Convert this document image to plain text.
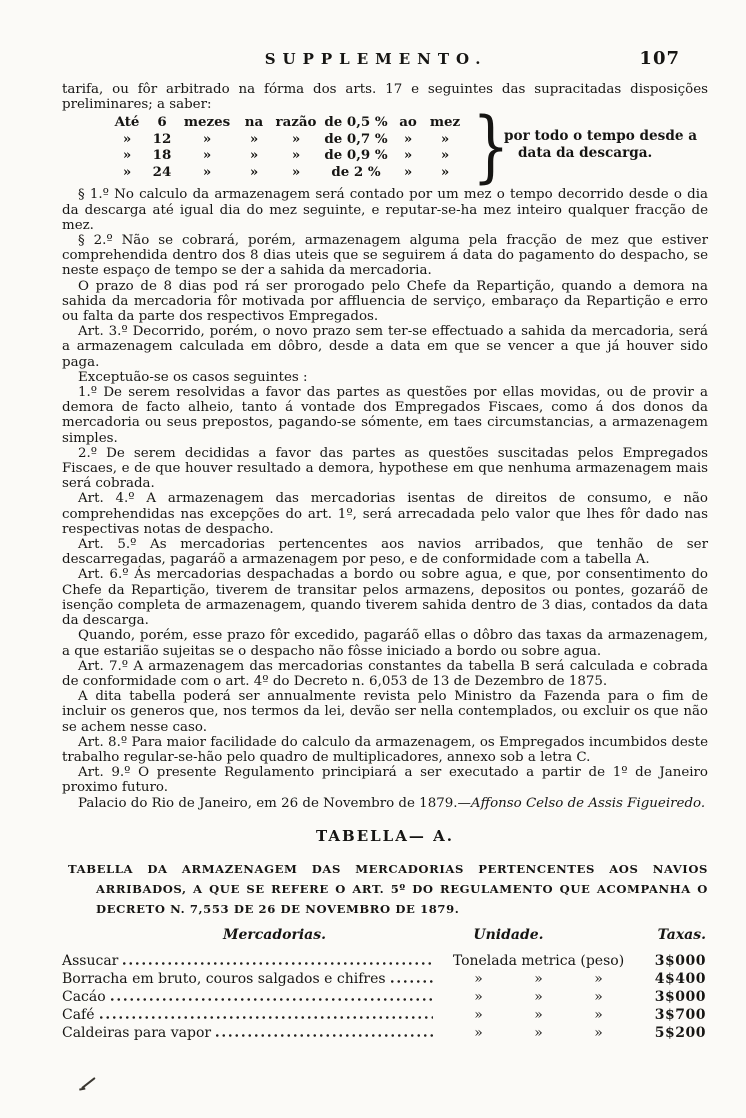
SUPPLEMENTO.	107

tarifa, ou fôr arbitrado na fórma dos arts. 17 e seguintes das supracitadas disposições preliminares; a saber:

Até	6	mezes	na razão de 0,5 % ao mez
»	12	»	»	»	de 0,7 %	»	»
»	18	»	»	»	de 0,9 %	»	»
»	24	»	»	»	de 2 %	»	» }
por todo o tempo desde a
data da descarga.

§ 1.º No calculo da armazenagem será contado por um mez o tempo decorrido desde o dia da descarga até igual dia do mez seguinte, e reputar-se-ha mez inteiro qualquer fracção de mez.

§ 2.º Não se cobrará, porém, armazenagem alguma pela fracção de mez que estiver comprehendida dentro dos 8 dias uteis que se seguirem á data do pagamento do despacho, se neste espaço de tempo se der a sahida da mercadoria.

O prazo de 8 dias pod rá ser prorogado pelo Chefe da Repartição, quando a demora na sahida da mercadoria fôr motivada por affluencia de serviço, embaraço da Repartição e erro ou falta da parte dos respectivos Empregados.

Art. 3.º Decorrido, porém, o novo prazo sem ter-se effectuado a sahida da mercadoria, será a armazenagem calculada em dôbro, desde a data em que se vencer a que já houver sido paga.

Exceptuão-se os casos seguintes :

1.º De serem resolvidas a favor das partes as questões por ellas movidas, ou de provir a demora de facto alheio, tanto á vontade dos Empregados Fiscaes, como á dos donos da mercadoria ou seus prepostos, pagando-se sómente, em taes circumstancias, a armazenagem simples.

2.º De serem decididas a favor das partes as questões suscitadas pelos Empregados Fiscaes, e de que houver resultado a demora, hypothese em que nenhuma armazenagem mais será cobrada.

Art. 4.º A armazenagem das mercadorias isentas de direitos de consumo, e não comprehendidas nas excepções do art. 1º, será arrecadada pelo valor que lhes fôr dado nas respectivas notas de despacho.

Art. 5.º As mercadorias pertencentes aos navios arribados, que tenhão de ser descarregadas, pagaráõ a armazenagem por peso, e de conformidade com a tabella A.

Art. 6.º Ás mercadorias despachadas a bordo ou sobre agua, e que, por consentimento do Chefe da Repartição, tiverem de transitar pelos armazens, depositos ou pontes, gozaráõ de isenção completa de armazenagem, quando tiverem sahida dentro de 3 dias, contados da data da descarga.

Quando, porém, esse prazo fôr excedido, pagaráõ ellas o dôbro das taxas da armazenagem, a que estarião sujeitas se o despacho não fôsse iniciado a bordo ou sobre agua.

Art. 7.º A armazenagem das mercadorias constantes da tabella B será calculada e cobrada de conformidade com o art. 4º do Decreto n. 6,053 de 13 de Dezembro de 1875.

A dita tabella poderá ser annualmente revista pelo Ministro da Fazenda para o fim de incluir os generos que, nos termos da lei, devão ser nella contemplados, ou excluir os que não se achem nesse caso.

Art. 8.º Para maior facilidade do calculo da armazenagem, os Empregados incumbidos deste trabalho regular-se-hão pelo quadro de multiplicadores, annexo sob a letra C.

Art. 9.º O presente Regulamento principiará a ser executado a partir de 1º de Janeiro proximo futuro.

Palacio do Rio de Janeiro, em 26 de Novembro de 1879.—Affonso Celso de Assis Figueiredo.

TABELLA— A.
TABELLA DA ARMAZENAGEM DAS MERCADORIAS PERTENCENTES AOS NAVIOS ARRIBADOS, A QUE SE REFERE O ART. 5º DO REGULAMENTO QUE ACOMPANHA O DECRETO N. 7,553 DE 26 DE NOVEMBRO DE 1879.
Mercadorias.	Unidade.	Taxas.
Assucar	Tonelada metrica (peso)	3$000
Borracha em bruto, couros salgados e chifres	» » »	4$400
Cacáo	» » »	3$000
Café	» » »	3$700
Caldeiras para vapor	» » »	5$200
